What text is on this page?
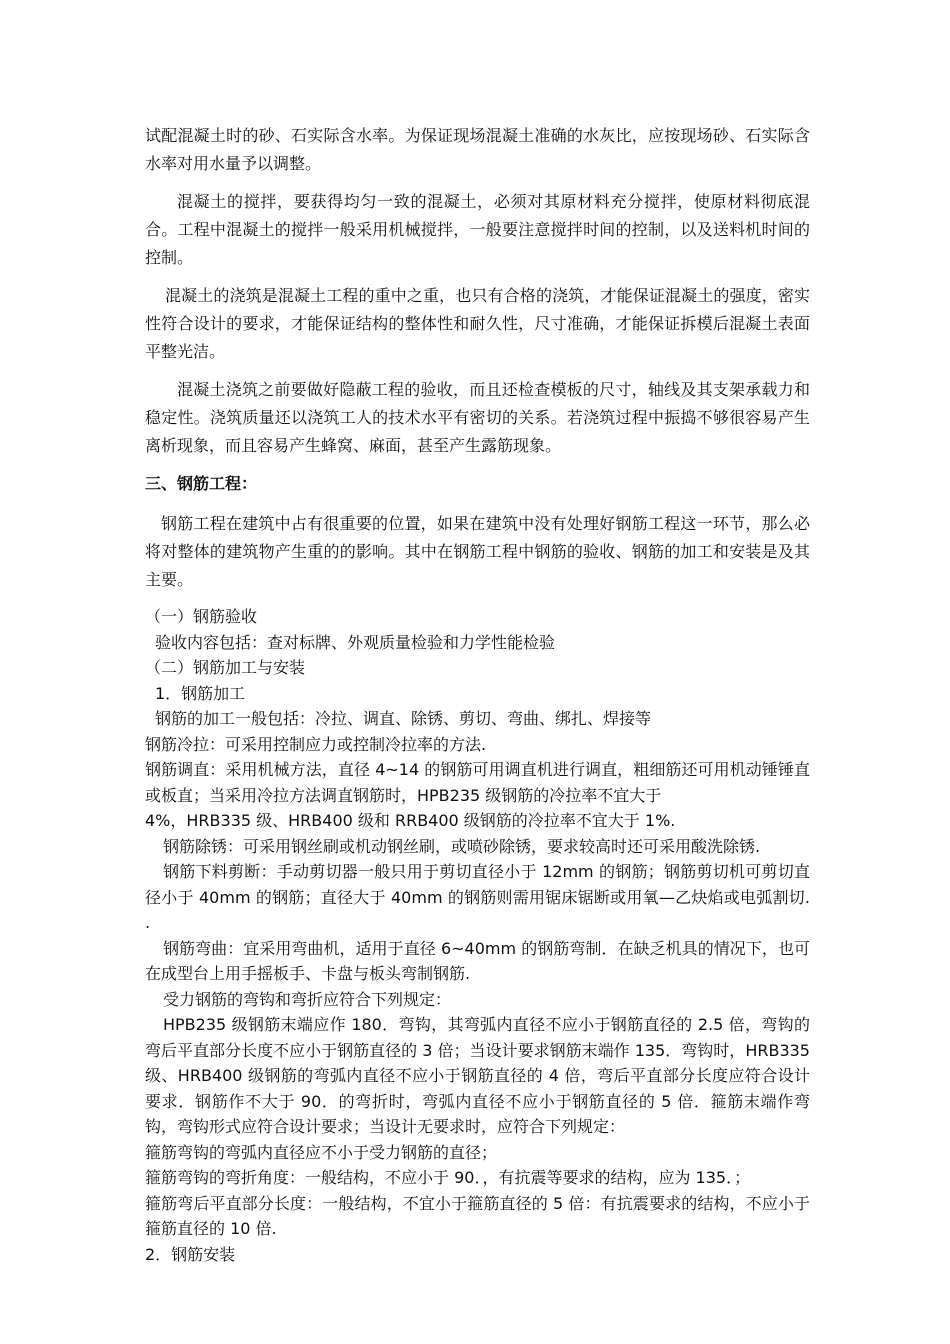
试配混凝土时的砂、石实际含水率。为保证现场混凝土准确的水灰比，应按现场砂、石实际含水率对用水量予以调整。

混凝土的搅拌，要获得均匀一致的混凝土，必须对其原材料充分搅拌，使原材料彻底混合。工程中混凝土的搅拌一般采用机械搅拌，一般要注意搅拌时间的控制，以及送料机时间的控制。

混凝土的浇筑是混凝土工程的重中之重，也只有合格的浇筑，才能保证混凝土的强度，密实性符合设计的要求，才能保证结构的整体性和耐久性，尺寸准确，才能保证拆模后混凝土表面平整光洁。

混凝土浇筑之前要做好隐蔽工程的验收，而且还检查模板的尺寸，轴线及其支架承载力和稳定性。浇筑质量还以浇筑工人的技术水平有密切的关系。若浇筑过程中振捣不够很容易产生离析现象，而且容易产生蜂窝、麻面，甚至产生露筋现象。

三、钢筋工程：

钢筋工程在建筑中占有很重要的位置，如果在建筑中没有处理好钢筋工程这一环节，那么必将对整体的建筑物产生重的的影响。其中在钢筋工程中钢筋的验收、钢筋的加工和安装是及其主要。

（一）钢筋验收

验收内容包括：查对标牌、外观质量检验和力学性能检验

（二）钢筋加工与安装

1．钢筋加工

钢筋的加工一般包括：冷拉、调直、除锈、剪切、弯曲、绑扎、焊接等

钢筋冷拉：可采用控制应力或控制冷拉率的方法.

钢筋调直：采用机械方法，直径 4~14 的钢筋可用调直机进行调直，粗细筋还可用机动锤锤直或板直；当采用冷拉方法调直钢筋时，HPB235 级钢筋的冷拉率不宜大于

4%，HRB335 级、HRB400 级和 RRB400 级钢筋的冷拉率不宜大于 1%.

钢筋除锈：可采用钢丝刷或机动钢丝刷，或喷砂除锈，要求较高时还可采用酸洗除锈.

钢筋下料剪断：手动剪切器一般只用于剪切直径小于 12mm 的钢筋；钢筋剪切机可剪切直径小于 40mm 的钢筋；直径大于 40mm 的钢筋则需用锯床锯断或用氧—乙炔焰或电弧割切.　　.

钢筋弯曲：宜采用弯曲机，适用于直径 6~40mm 的钢筋弯制．在缺乏机具的情况下，也可在成型台上用手摇板手、卡盘与板头弯制钢筋.

受力钢筋的弯钩和弯折应符合下列规定：

HPB235 级钢筋末端应作 180．弯钩，其弯弧内直径不应小于钢筋直径的 2.5 倍，弯钩的弯后平直部分长度不应小于钢筋直径的 3 倍；当设计要求钢筋末端作 135．弯钩时，HRB335 级、HRB400 级钢筋的弯弧内直径不应小于钢筋直径的 4 倍，弯后平直部分长度应符合设计要求．钢筋作不大于 90．的弯折时，弯弧内直径不应小于钢筋直径的 5 倍．箍筋末端作弯钩，弯钩形式应符合设计要求；当设计无要求时，应符合下列规定：

箍筋弯钩的弯弧内直径应不小于受力钢筋的直径；

箍筋弯钩的弯折角度：一般结构，不应小于 90．，有抗震等要求的结构，应为 135．；

箍筋弯后平直部分长度：一般结构，不宜小于箍筋直径的 5 倍：有抗震要求的结构，不应小于箍筋直径的 10 倍.

2．钢筋安装
